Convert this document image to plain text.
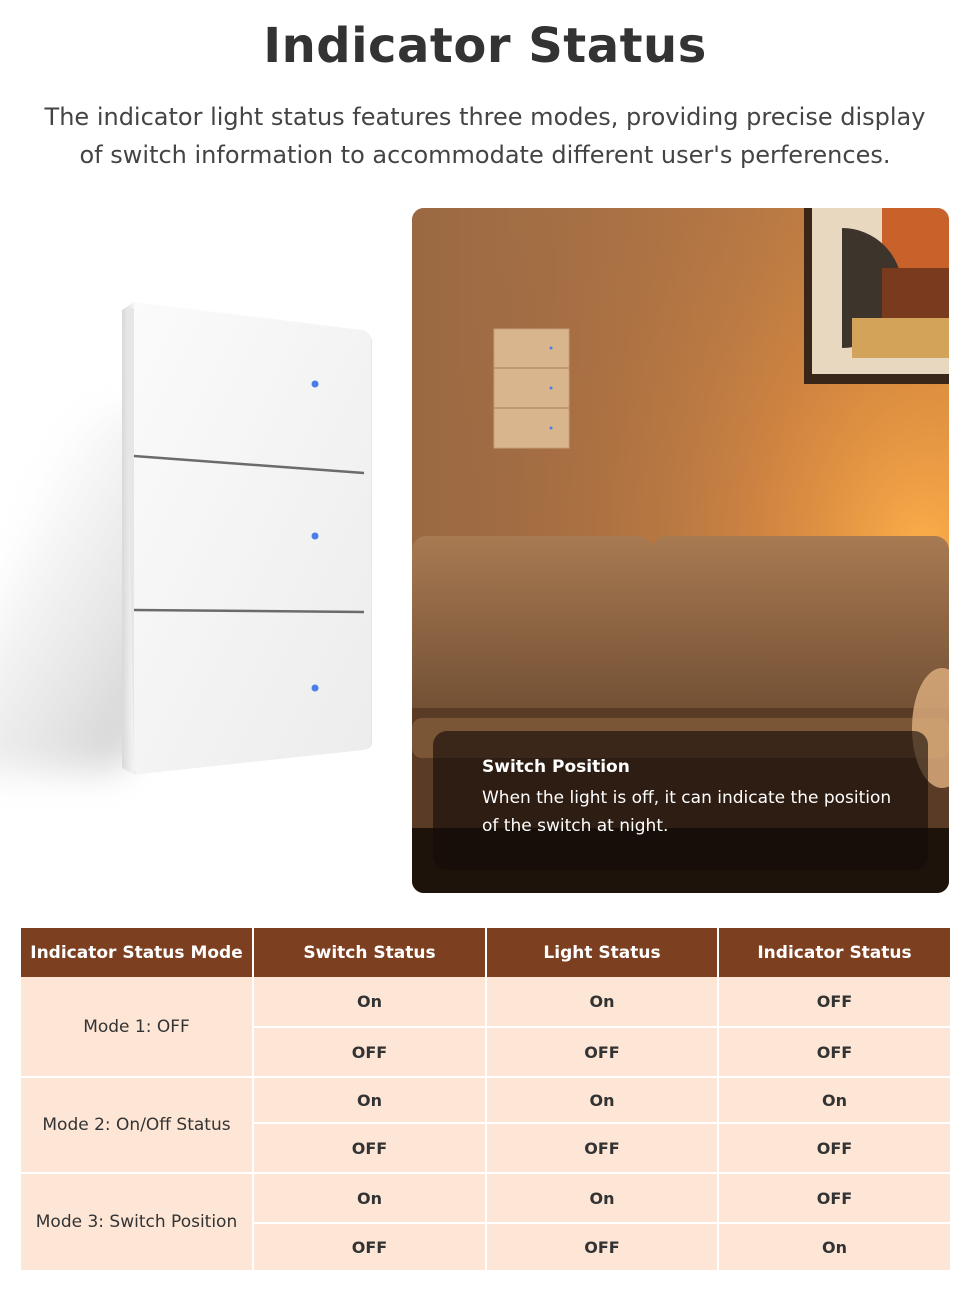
Indicator Status

The indicator light status features three modes, providing precise display of switch information to accommodate different user's perferences.

Switch Position
When the light is off, it can indicate the position of the switch at night.
Indicator Status Mode	Switch Status	Light Status	Indicator Status
Mode 1: OFF	On	On	OFF
	OFF	OFF	OFF
Mode 2: On/Off Status	On	On	On
	OFF	OFF	OFF
Mode 3: Switch Position	On	On	OFF
	OFF	OFF	On
